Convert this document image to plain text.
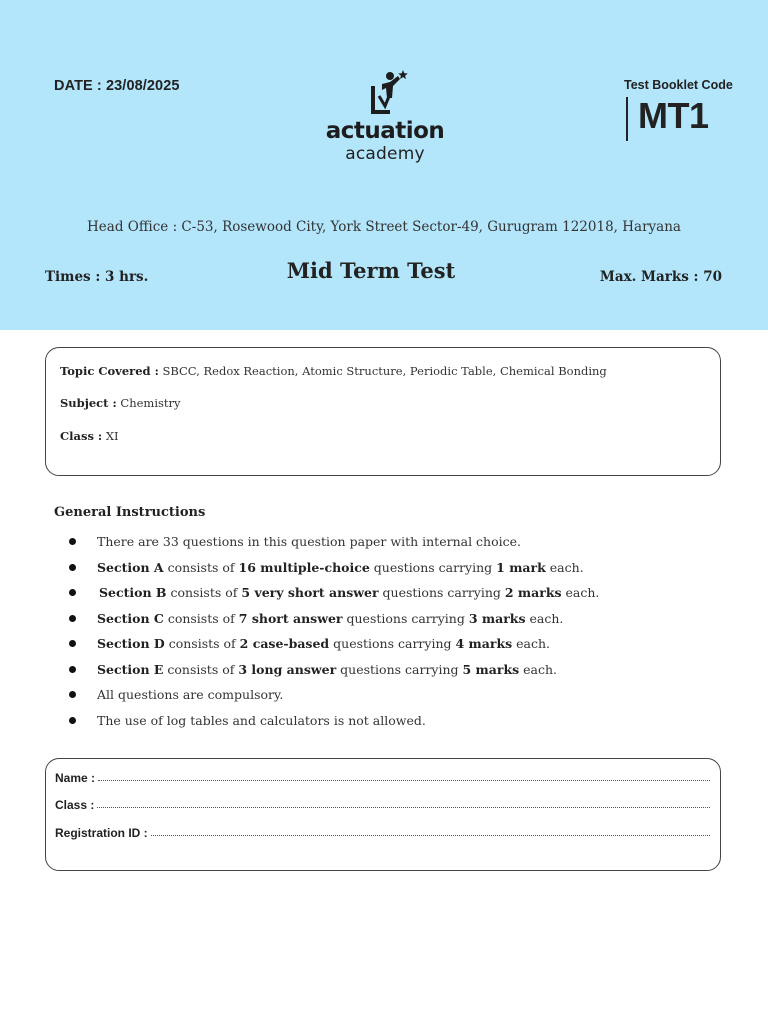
DATE : 23/08/2025
actuation
academy
Test Booklet Code
MT1
Head Office : C-53, Rosewood City, York Street Sector-49, Gurugram 122018, Haryana
Times : 3 hrs.	Mid Term Test	Max. Marks : 70
Topic Covered : SBCC, Redox Reaction, Atomic Structure, Periodic Table, Chemical Bonding
Subject : Chemistry
Class : XI
General Instructions
There are 33 questions in this question paper with internal choice.
Section A consists of 16 multiple-choice questions carrying 1 mark each.
Section B consists of 5 very short answer questions carrying 2 marks each.
Section C consists of 7 short answer questions carrying 3 marks each.
Section D consists of 2 case-based questions carrying 4 marks each.
Section E consists of 3 long answer questions carrying 5 marks each.
All questions are compulsory.
The use of log tables and calculators is not allowed.
Name :
Class :
Registration ID :
